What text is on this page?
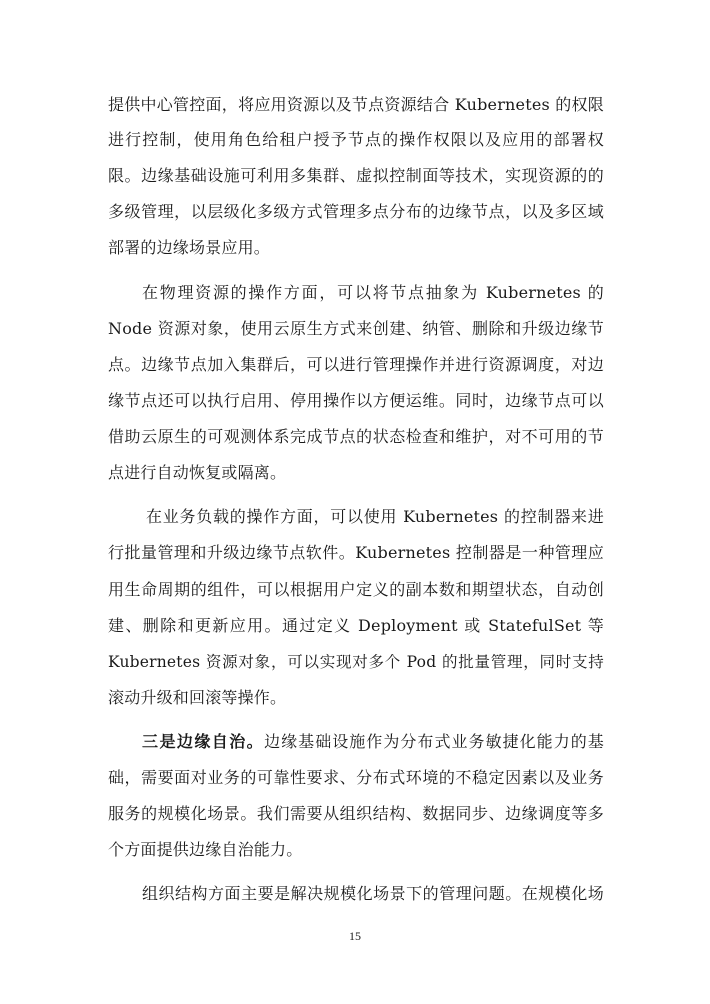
提供中心管控面，将应用资源以及节点资源结合 Kubernetes 的权限
进行控制，使用角色给租户授予节点的操作权限以及应用的部署权
限。边缘基础设施可利用多集群、虚拟控制面等技术，实现资源的的
多级管理，以层级化多级方式管理多点分布的边缘节点，以及多区域
部署的边缘场景应用。
在物理资源的操作方面，可以将节点抽象为 Kubernetes 的
Node 资源对象，使用云原生方式来创建、纳管、删除和升级边缘节
点。边缘节点加入集群后，可以进行管理操作并进行资源调度，对边
缘节点还可以执行启用、停用操作以方便运维。同时，边缘节点可以
借助云原生的可观测体系完成节点的状态检查和维护，对不可用的节
点进行自动恢复或隔离。
在业务负载的操作方面，可以使用 Kubernetes 的控制器来进
行批量管理和升级边缘节点软件。Kubernetes 控制器是一种管理应
用生命周期的组件，可以根据用户定义的副本数和期望状态，自动创
建、删除和更新应用。通过定义 Deployment 或 StatefulSet 等
Kubernetes 资源对象，可以实现对多个 Pod 的批量管理，同时支持
滚动升级和回滚等操作。
三是边缘自治。边缘基础设施作为分布式业务敏捷化能力的基
础，需要面对业务的可靠性要求、分布式环境的不稳定因素以及业务
服务的规模化场景。我们需要从组织结构、数据同步、边缘调度等多
个方面提供边缘自治能力。
组织结构方面主要是解决规模化场景下的管理问题。在规模化场
15
